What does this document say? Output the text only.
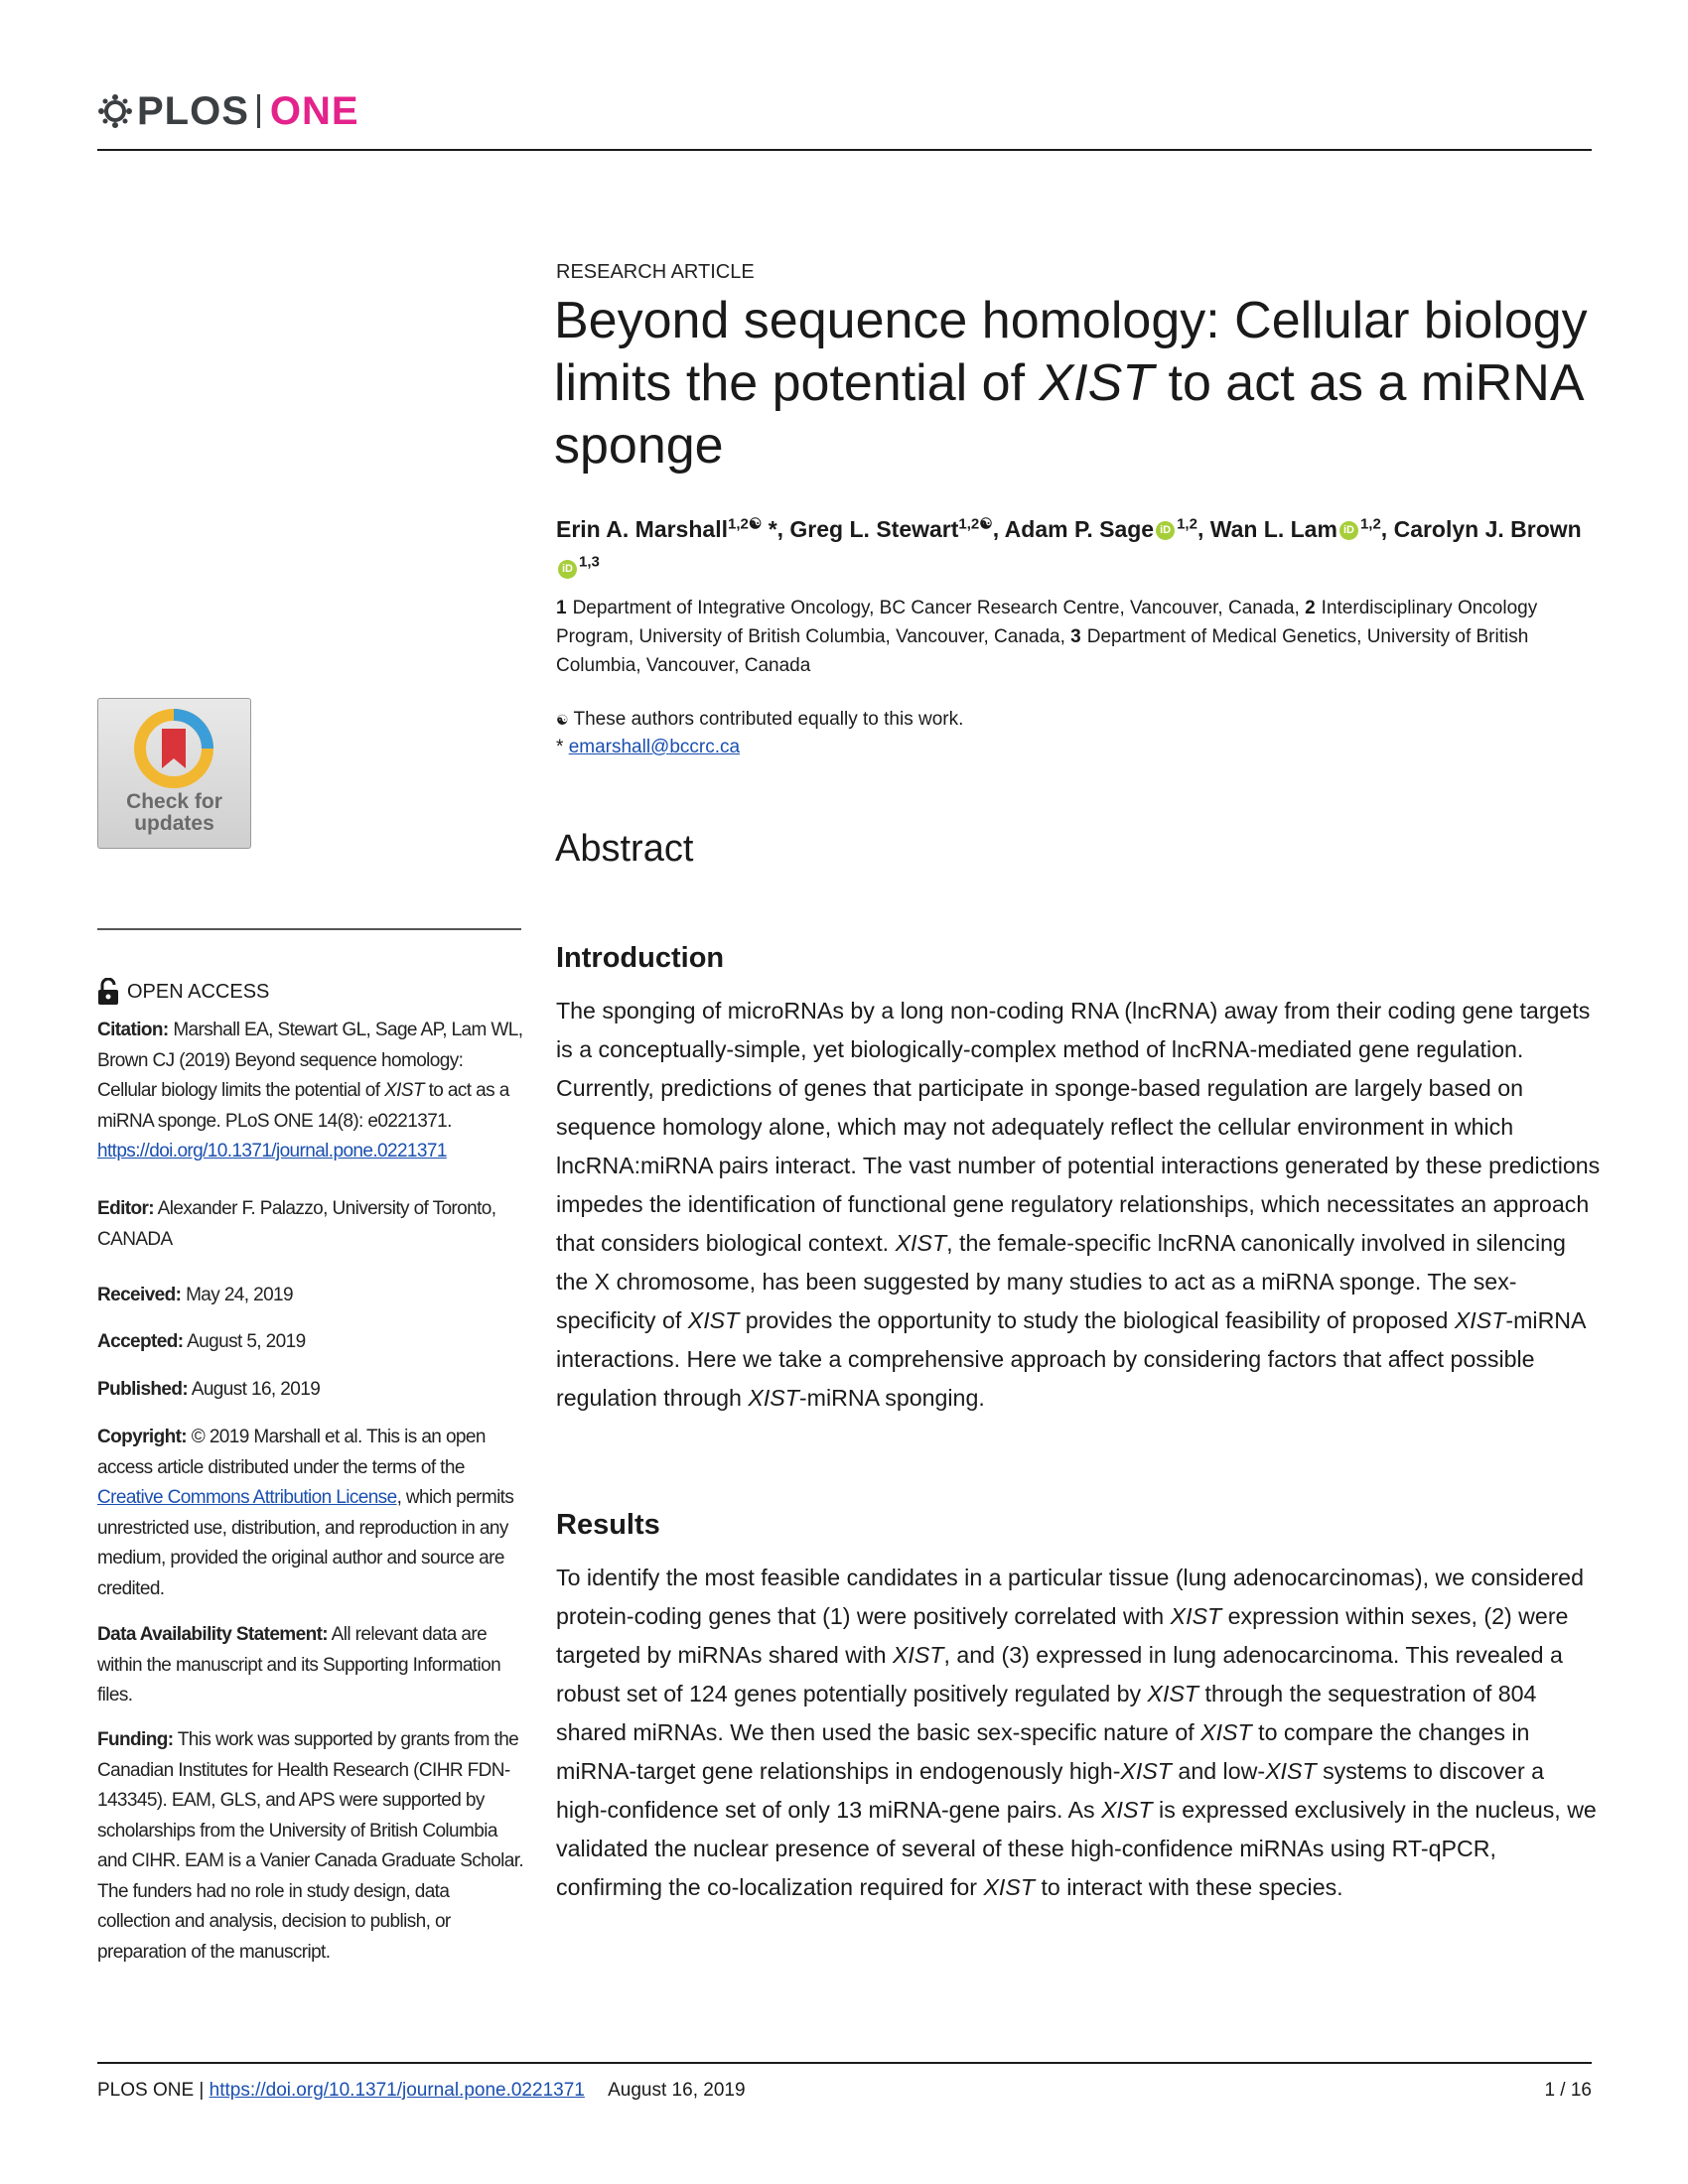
PLOS ONE
Check for updates
OPEN ACCESS
Citation: Marshall EA, Stewart GL, Sage AP, Lam WL, Brown CJ (2019) Beyond sequence homology: Cellular biology limits the potential of XIST to act as a miRNA sponge. PLoS ONE 14(8): e0221371. https://doi.org/10.1371/journal.pone.0221371
Editor: Alexander F. Palazzo, University of Toronto, CANADA
Received: May 24, 2019
Accepted: August 5, 2019
Published: August 16, 2019
Copyright: © 2019 Marshall et al. This is an open access article distributed under the terms of the Creative Commons Attribution License, which permits unrestricted use, distribution, and reproduction in any medium, provided the original author and source are credited.
Data Availability Statement: All relevant data are within the manuscript and its Supporting Information files.
Funding: This work was supported by grants from the Canadian Institutes for Health Research (CIHR FDN-143345). EAM, GLS, and APS were supported by scholarships from the University of British Columbia and CIHR. EAM is a Vanier Canada Graduate Scholar. The funders had no role in study design, data collection and analysis, decision to publish, or preparation of the manuscript.
RESEARCH ARTICLE
Beyond sequence homology: Cellular biology limits the potential of XIST to act as a miRNA sponge
Erin A. Marshall$^{1,2☯}$ *, Greg L. Stewart$^{1,2☯}$, Adam P. Sage iD $^{1,2}$, Wan L. Lam iD $^{1,2}$, Carolyn J. BrowniD $^{1,3}$
1 Department of Integrative Oncology, BC Cancer Research Centre, Vancouver, Canada, 2 Interdisciplinary Oncology Program, University of British Columbia, Vancouver, Canada, 3 Department of Medical Genetics, University of British Columbia, Vancouver, Canada
☯ These authors contributed equally to this work.
* emarshall@bccrc.ca
Abstract
Introduction
The sponging of microRNAs by a long non-coding RNA (lncRNA) away from their coding gene targets is a conceptually-simple, yet biologically-complex method of lncRNA-mediated gene regulation. Currently, predictions of genes that participate in sponge-based regulation are largely based on sequence homology alone, which may not adequately reflect the cellular environment in which lncRNA:miRNA pairs interact. The vast number of potential interactions generated by these predictions impedes the identification of functional gene regulatory relationships, which necessitates an approach that considers biological context. XIST, the female-specific lncRNA canonically involved in silencing the X chromosome, has been suggested by many studies to act as a miRNA sponge. The sex-specificity of XIST provides the opportunity to study the biological feasibility of proposed XIST-miRNA interactions. Here we take a comprehensive approach by considering factors that affect possible regulation through XIST-miRNA sponging.
Results
To identify the most feasible candidates in a particular tissue (lung adenocarcinomas), we considered protein-coding genes that (1) were positively correlated with XIST expression within sexes, (2) were targeted by miRNAs shared with XIST, and (3) expressed in lung adenocarcinoma. This revealed a robust set of 124 genes potentially positively regulated by XIST through the sequestration of 804 shared miRNAs. We then used the basic sex-specific nature of XIST to compare the changes in miRNA-target gene relationships in endogenously high-XIST and low-XIST systems to discover a high-confidence set of only 13 miRNA-gene pairs. As XIST is expressed exclusively in the nucleus, we validated the nuclear presence of several of these high-confidence miRNAs using RT-qPCR, confirming the co-localization required for XIST to interact with these species.
PLOS ONE | https://doi.org/10.1371/journal.pone.0221371 August 16, 2019	1 / 16
